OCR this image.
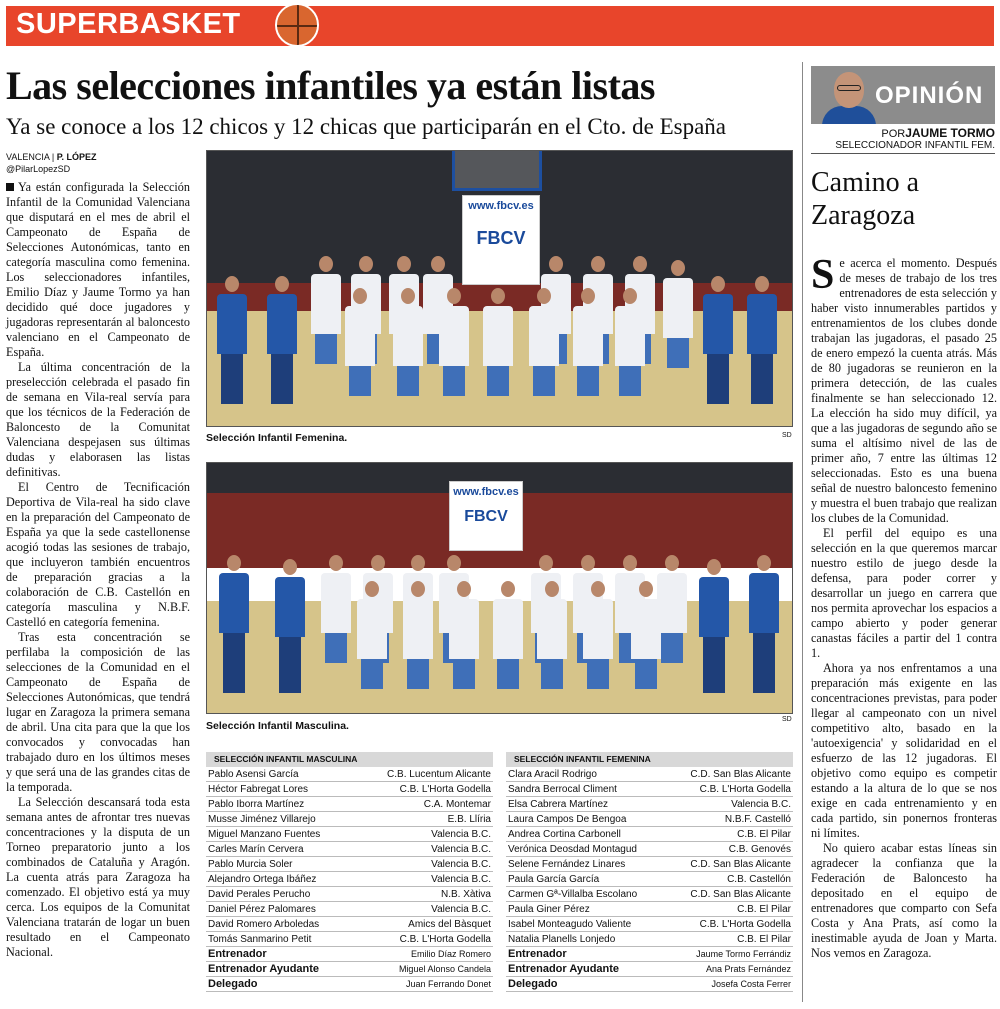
SUPERBASKET
Las selecciones infantiles ya están listas
Ya se conoce a los 12 chicos y 12 chicas que participarán en el Cto. de España
VALENCIA | P. LÓPEZ
@PilarLopezSD

Ya están configurada la Selección Infantil de la Comunidad Valenciana que disputará en el mes de abril el Campeonato de España de Selecciones Autonómicas, tanto en categoría masculina como femenina. Los seleccionadores infantiles, Emilio Díaz y Jaume Tormo ya han decidido qué doce jugadores y jugadoras representarán al baloncesto valenciano en el Campeonato de España.

La última concentración de la preselección celebrada el pasado fin de semana en Vila-real servía para que los técnicos de la Federación de Baloncesto de la Comunitat Valenciana despejasen sus últimas dudas y elaborasen las listas definitivas.

El Centro de Tecnificación Deportiva de Vila-real ha sido clave en la preparación del Campeonato de España ya que la sede castellonense acogió todas las sesiones de trabajo, que incluyeron también encuentros de preparación gracias a la colaboración de C.B. Castellón en categoría masculina y N.B.F. Castelló en categoría femenina.

Tras esta concentración se perfilaba la composición de las selecciones de la Comunidad en el Campeonato de España de Selecciones Autonómicas, que tendrá lugar en Zaragoza la primera semana de abril. Una cita para que la que los convocados y convocadas han trabajado duro en los últimos meses y que será una de las grandes citas de la temporada.

La Selección descansará toda esta semana antes de afrontar tres nuevas concentraciones y la disputa de un Torneo preparatorio junto a los combinados de Cataluña y Aragón. La cuenta atrás para Zaragoza ha comenzado. El objetivo está ya muy cerca. Los equipos de la Comunitat Valenciana tratarán de logar un buen resultado en el Campeonato Nacional.

www.fbcv.es
FBCV
Selección Infantil Femenina.	SD
www.fbcv.es
FBCV
Selección Infantil Masculina.
SD
SELECCIÓN INFANTIL MASCULINA
Pablo Asensi García	C.B. Lucentum Alicante
Héctor Fabregat Lores	C.B. L'Horta Godella
Pablo Iborra Martínez	C.A. Montemar
Musse Jiménez Villarejo	E.B. Llíria
Miguel Manzano Fuentes	Valencia B.C.
Carles Marín Cervera	Valencia B.C.
Pablo Murcia Soler	Valencia B.C.
Alejandro Ortega Ibáñez	Valencia B.C.
David Perales Perucho	N.B. Xàtiva
Daniel Pérez Palomares	Valencia B.C.
David Romero Arboledas	Amics del Bàsquet
Tomás Sanmarino Petit	C.B. L'Horta Godella
Entrenador	Emilio Díaz Romero
Entrenador Ayudante	Miguel Alonso Candela
Delegado	Juan Ferrando Donet
SELECCIÓN INFANTIL FEMENINA
Clara Aracil Rodrigo	C.D. San Blas Alicante
Sandra Berrocal Climent	C.B. L'Horta Godella
Elsa Cabrera Martínez	Valencia B.C.
Laura Campos De Bengoa	N.B.F. Castelló
Andrea Cortina Carbonell	C.B. El Pilar
Verónica Deosdad Montagud	C.B. Genovés
Selene Fernández Linares	C.D. San Blas Alicante
Paula García García	C.B. Castellón
Carmen Gª-Villalba Escolano	C.D. San Blas Alicante
Paula Giner Pérez	C.B. El Pilar
Isabel Monteagudo Valiente	C.B. L'Horta Godella
Natalia Planells Lonjedo	C.B. El Pilar
Entrenador	Jaume Tormo Ferrándiz
Entrenador Ayudante	Ana Prats Fernández
Delegado	Josefa Costa Ferrer
OPINIÓN
PORJAUME TORMO
SELECCIONADOR INFANTIL FEM.
Camino a
Zaragoza

Se acerca el momento. Después de meses de trabajo de los tres entrenadores de esta selección y haber visto innumerables partidos y entrenamientos de los clubes donde trabajan las jugadoras, el pasado 25 de enero empezó la cuenta atrás. Más de 80 jugadoras se reunieron en la primera detección, de las cuales finalmente se han seleccionado 12. La elección ha sido muy difícil, ya que a las jugadoras de segundo año se suma el altísimo nivel de las de primer año, 7 entre las últimas 12 seleccionadas. Esto es una buena señal de nuestro baloncesto femenino y muestra el buen trabajo que realizan los clubes de la Comunidad.

El perfil del equipo es una selección en la que queremos marcar nuestro estilo de juego desde la defensa, para poder correr y desarrollar un juego en carrera que nos permita aprovechar los espacios a campo abierto y poder generar canastas fáciles a partir del 1 contra 1.

Ahora ya nos enfrentamos a una preparación más exigente en las concentraciones previstas, para poder llegar al campeonato con un nivel competitivo alto, basado en la 'autoexigencia' y solidaridad en el esfuerzo de las 12 jugadoras. El objetivo como equipo es competir estando a la altura de lo que se nos exige en cada entrenamiento y en cada partido, sin ponernos fronteras ni límites.

No quiero acabar estas líneas sin agradecer la confianza que la Federación de Baloncesto ha depositado en el equipo de entrenadores que comparto con Sefa Costa y Ana Prats, así como la inestimable ayuda de Joan y Marta. Nos vemos en Zaragoza.
